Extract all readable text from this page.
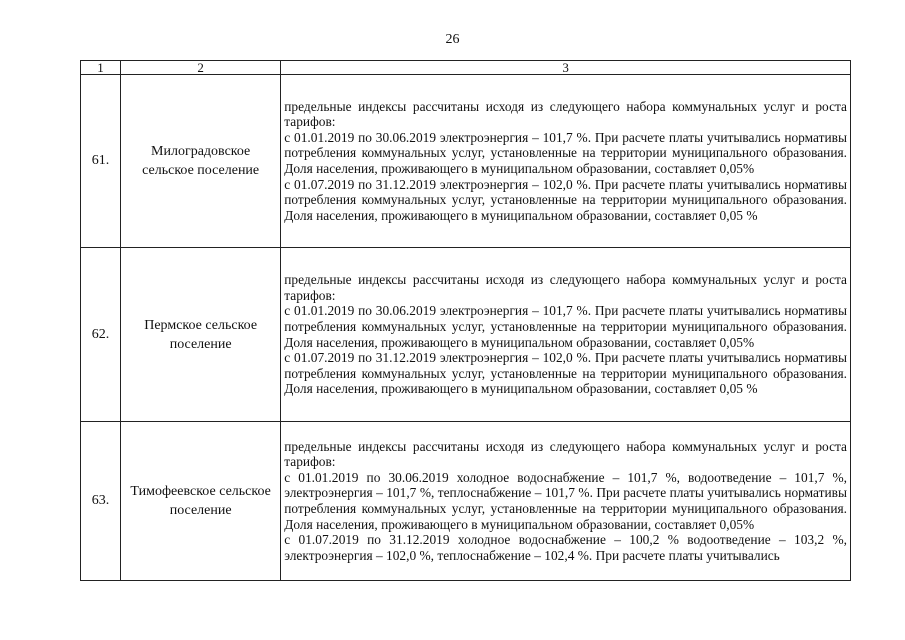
26
1	2	3
61.	Милоградовское сельское поселение	предельные индексы рассчитаны исходя из следующего набора коммунальных услуг и роста тарифов:

с 01.01.2019 по 30.06.2019 электроэнергия – 101,7 %. При расчете платы учитывались нормативы потребления коммунальных услуг, установленные на территории муниципального образования. Доля населения, проживающего в муниципальном образовании, составляет 0,05%

с 01.07.2019 по 31.12.2019 электроэнергия – 102,0 %. При расчете платы учитывались нормативы потребления коммунальных услуг, установленные на территории муниципального образования. Доля населения, проживающего в муниципальном образовании, составляет 0,05 %

62.	Пермское сельское поселение	предельные индексы рассчитаны исходя из следующего набора коммунальных услуг и роста тарифов:

с 01.01.2019 по 30.06.2019 электроэнергия – 101,7 %. При расчете платы учитывались нормативы потребления коммунальных услуг, установленные на территории муниципального образования. Доля населения, проживающего в муниципальном образовании, составляет 0,05%

с 01.07.2019 по 31.12.2019 электроэнергия – 102,0 %. При расчете платы учитывались нормативы потребления коммунальных услуг, установленные на территории муниципального образования. Доля населения, проживающего в муниципальном образовании, составляет 0,05 %

63.	Тимофеевское сельское поселение	предельные индексы рассчитаны исходя из следующего набора коммунальных услуг и роста тарифов:

с 01.01.2019 по 30.06.2019 холодное водоснабжение – 101,7 %, водоотведение – 101,7 %, электроэнергия – 101,7 %, теплоснабжение – 101,7 %. При расчете платы учитывались нормативы потребления коммунальных услуг, установленные на территории муниципального образования. Доля населения, проживающего в муниципальном образовании, составляет 0,05%

с 01.07.2019 по 31.12.2019 холодное водоснабжение – 100,2 % водоотведение – 103,2 %, электроэнергия – 102,0 %, теплоснабжение – 102,4 %. При расчете платы учитывались
